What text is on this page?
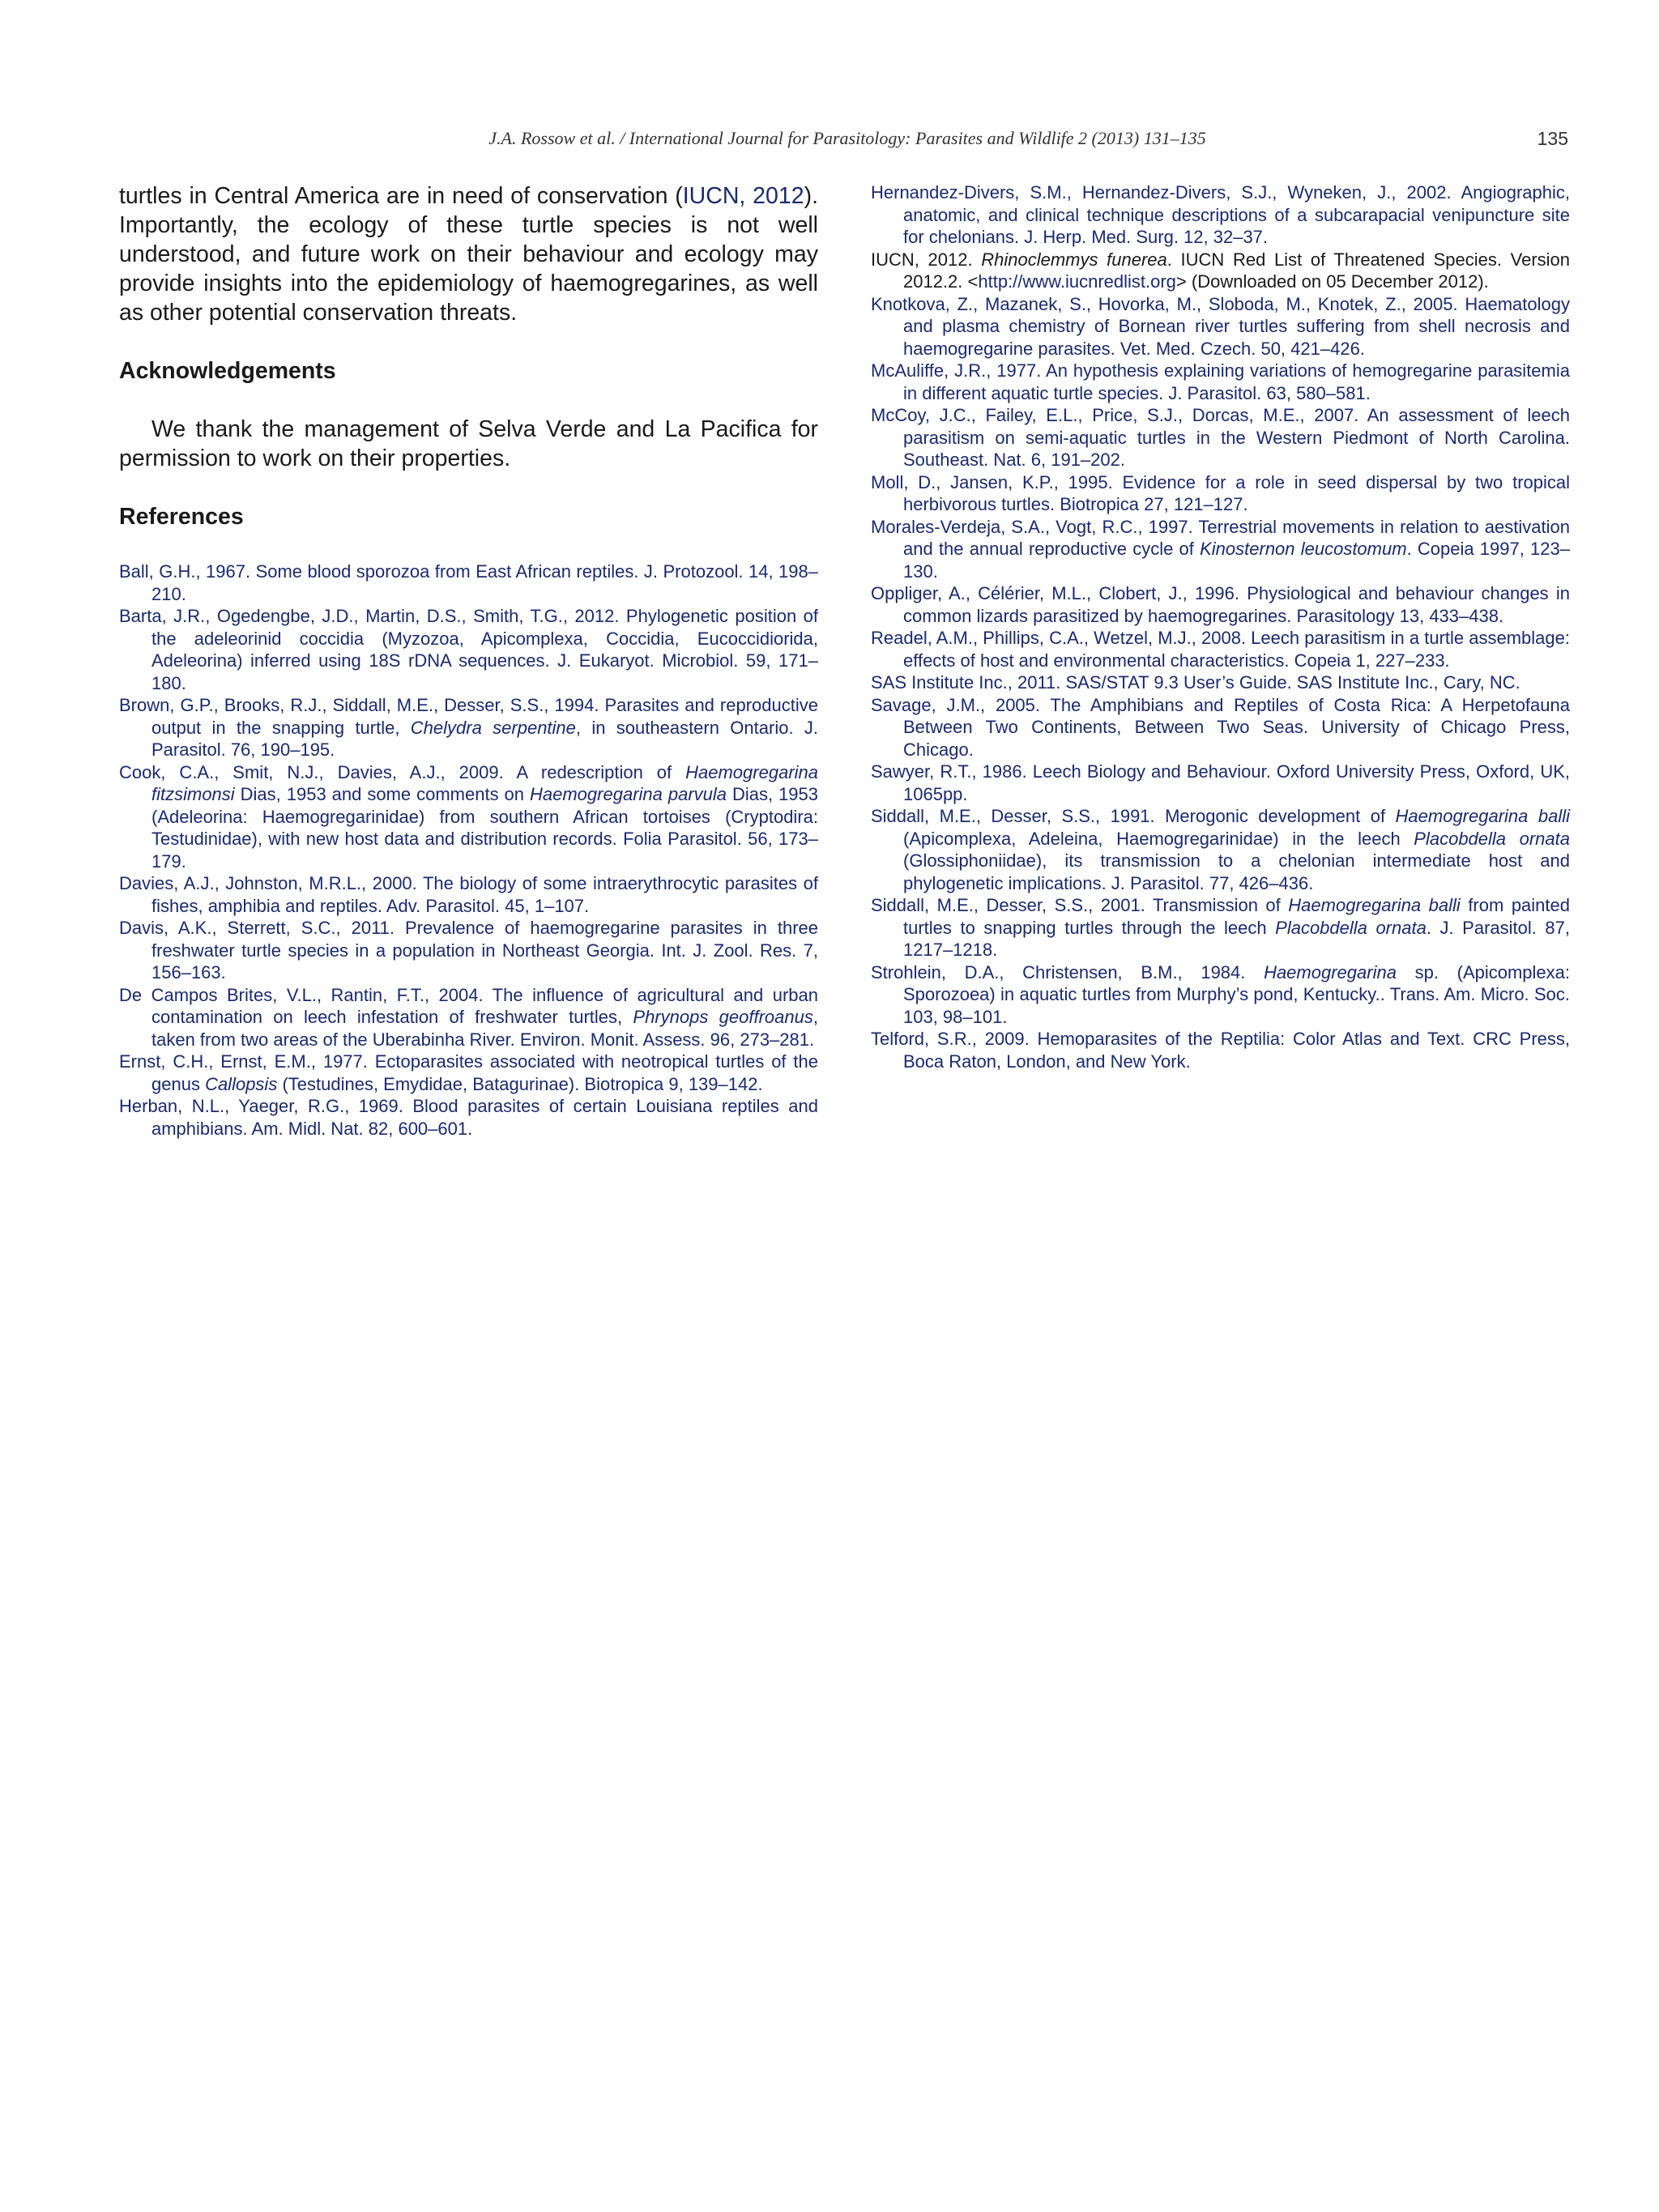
J.A. Rossow et al. / International Journal for Parasitology: Parasites and Wildlife 2 (2013) 131–135	135

turtles in Central America are in need of conservation (IUCN, 2012). Importantly, the ecology of these turtle species is not well understood, and future work on their behaviour and ecology may provide insights into the epidemiology of haemogregarines, as well as other potential conservation threats.

Acknowledgements

We thank the management of Selva Verde and La Pacifica for permission to work on their properties.

References
Ball, G.H., 1967. Some blood sporozoa from East African reptiles. J. Protozool. 14, 198–210.
Barta, J.R., Ogedengbe, J.D., Martin, D.S., Smith, T.G., 2012. Phylogenetic position of the adeleorinid coccidia (Myzozoa, Apicomplexa, Coccidia, Eucoccidiorida, Adeleorina) inferred using 18S rDNA sequences. J. Eukaryot. Microbiol. 59, 171–180.
Brown, G.P., Brooks, R.J., Siddall, M.E., Desser, S.S., 1994. Parasites and reproductive output in the snapping turtle, Chelydra serpentine, in southeastern Ontario. J. Parasitol. 76, 190–195.
Cook, C.A., Smit, N.J., Davies, A.J., 2009. A redescription of Haemogregarina fitzsimonsi Dias, 1953 and some comments on Haemogregarina parvula Dias, 1953 (Adeleorina: Haemogregarinidae) from southern African tortoises (Cryptodira: Testudinidae), with new host data and distribution records. Folia Parasitol. 56, 173–179.
Davies, A.J., Johnston, M.R.L., 2000. The biology of some intraerythrocytic parasites of fishes, amphibia and reptiles. Adv. Parasitol. 45, 1–107.
Davis, A.K., Sterrett, S.C., 2011. Prevalence of haemogregarine parasites in three freshwater turtle species in a population in Northeast Georgia. Int. J. Zool. Res. 7, 156–163.
De Campos Brites, V.L., Rantin, F.T., 2004. The influence of agricultural and urban contamination on leech infestation of freshwater turtles, Phrynops geoffroanus, taken from two areas of the Uberabinha River. Environ. Monit. Assess. 96, 273–281.
Ernst, C.H., Ernst, E.M., 1977. Ectoparasites associated with neotropical turtles of the genus Callopsis (Testudines, Emydidae, Batagurinae). Biotropica 9, 139–142.
Herban, N.L., Yaeger, R.G., 1969. Blood parasites of certain Louisiana reptiles and amphibians. Am. Midl. Nat. 82, 600–601.
Hernandez-Divers, S.M., Hernandez-Divers, S.J., Wyneken, J., 2002. Angiographic, anatomic, and clinical technique descriptions of a subcarapacial venipuncture site for chelonians. J. Herp. Med. Surg. 12, 32–37.
IUCN, 2012. Rhinoclemmys funerea. IUCN Red List of Threatened Species. Version 2012.2. <http://www.iucnredlist.org> (Downloaded on 05 December 2012).
Knotkova, Z., Mazanek, S., Hovorka, M., Sloboda, M., Knotek, Z., 2005. Haematology and plasma chemistry of Bornean river turtles suffering from shell necrosis and haemogregarine parasites. Vet. Med. Czech. 50, 421–426.
McAuliffe, J.R., 1977. An hypothesis explaining variations of hemogregarine parasitemia in different aquatic turtle species. J. Parasitol. 63, 580–581.
McCoy, J.C., Failey, E.L., Price, S.J., Dorcas, M.E., 2007. An assessment of leech parasitism on semi-aquatic turtles in the Western Piedmont of North Carolina. Southeast. Nat. 6, 191–202.
Moll, D., Jansen, K.P., 1995. Evidence for a role in seed dispersal by two tropical herbivorous turtles. Biotropica 27, 121–127.
Morales-Verdeja, S.A., Vogt, R.C., 1997. Terrestrial movements in relation to aestivation and the annual reproductive cycle of Kinosternon leucostomum. Copeia 1997, 123–130.
Oppliger, A., Célérier, M.L., Clobert, J., 1996. Physiological and behaviour changes in common lizards parasitized by haemogregarines. Parasitology 13, 433–438.
Readel, A.M., Phillips, C.A., Wetzel, M.J., 2008. Leech parasitism in a turtle assemblage: effects of host and environmental characteristics. Copeia 1, 227–233.
SAS Institute Inc., 2011. SAS/STAT 9.3 User’s Guide. SAS Institute Inc., Cary, NC.
Savage, J.M., 2005. The Amphibians and Reptiles of Costa Rica: A Herpetofauna Between Two Continents, Between Two Seas. University of Chicago Press, Chicago.
Sawyer, R.T., 1986. Leech Biology and Behaviour. Oxford University Press, Oxford, UK, 1065pp.
Siddall, M.E., Desser, S.S., 1991. Merogonic development of Haemogregarina balli (Apicomplexa, Adeleina, Haemogregarinidae) in the leech Placobdella ornata (Glossiphoniidae), its transmission to a chelonian intermediate host and phylogenetic implications. J. Parasitol. 77, 426–436.
Siddall, M.E., Desser, S.S., 2001. Transmission of Haemogregarina balli from painted turtles to snapping turtles through the leech Placobdella ornata. J. Parasitol. 87, 1217–1218.
Strohlein, D.A., Christensen, B.M., 1984. Haemogregarina sp. (Apicomplexa: Sporozoea) in aquatic turtles from Murphy’s pond, Kentucky.. Trans. Am. Micro. Soc. 103, 98–101.
Telford, S.R., 2009. Hemoparasites of the Reptilia: Color Atlas and Text. CRC Press, Boca Raton, London, and New York.
